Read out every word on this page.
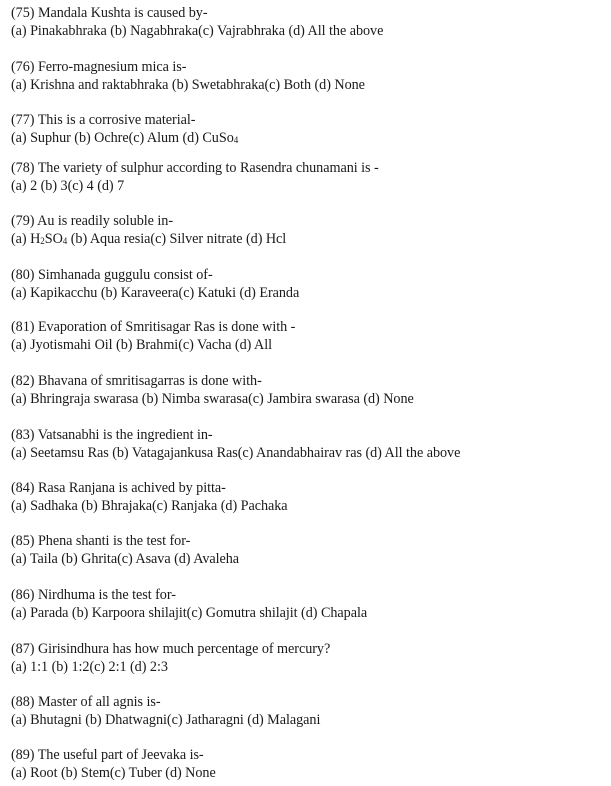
(75) Mandala Kushta is caused by-
(a) Pinakabhraka (b) Nagabhraka(c) Vajrabhraka (d) All the above
(76) Ferro-magnesium mica is-
(a) Krishna and raktabhraka (b) Swetabhraka(c) Both (d) None
(77) This is a corrosive material-
(a) Suphur (b) Ochre(c) Alum (d) CuSo$_4$
(78) The variety of sulphur according to Rasendra chunamani is -
(a) 2 (b) 3(c) 4 (d) 7
(79) Au is readily soluble in-
(a) $H_2SO_4$ (b) Aqua resia(c) Silver nitrate (d) Hcl
(80) Simhanada guggulu consist of-
(a) Kapikacchu (b) Karaveera(c) Katuki (d) Eranda
(81) Evaporation of Smritisagar Ras is done with -
(a) Jyotismahi Oil (b) Brahmi(c) Vacha (d) All
(82) Bhavana of smritisagarras is done with-
(a) Bhringraja swarasa (b) Nimba swarasa(c) Jambira swarasa (d) None
(83) Vatsanabhi is the ingredient in-
(a) Seetamsu Ras (b) Vatagajankusa Ras(c) Anandabhairav ras (d) All the above
(84) Rasa Ranjana is achived by pitta-
(a) Sadhaka (b) Bhrajaka(c) Ranjaka (d) Pachaka
(85) Phena shanti is the test for-
(a) Taila (b) Ghrita(c) Asava (d) Avaleha
(86) Nirdhuma is the test for-
(a) Parada (b) Karpoora shilajit(c) Gomutra shilajit (d) Chapala
(87) Girisindhura has how much percentage of mercury?
(a) 1:1 (b) 1:2(c) 2:1 (d) 2:3
(88) Master of all agnis is-
(a) Bhutagni (b) Dhatwagni(c) Jatharagni (d) Malagani
(89) The useful part of Jeevaka is-
(a) Root (b) Stem(c) Tuber (d) None
